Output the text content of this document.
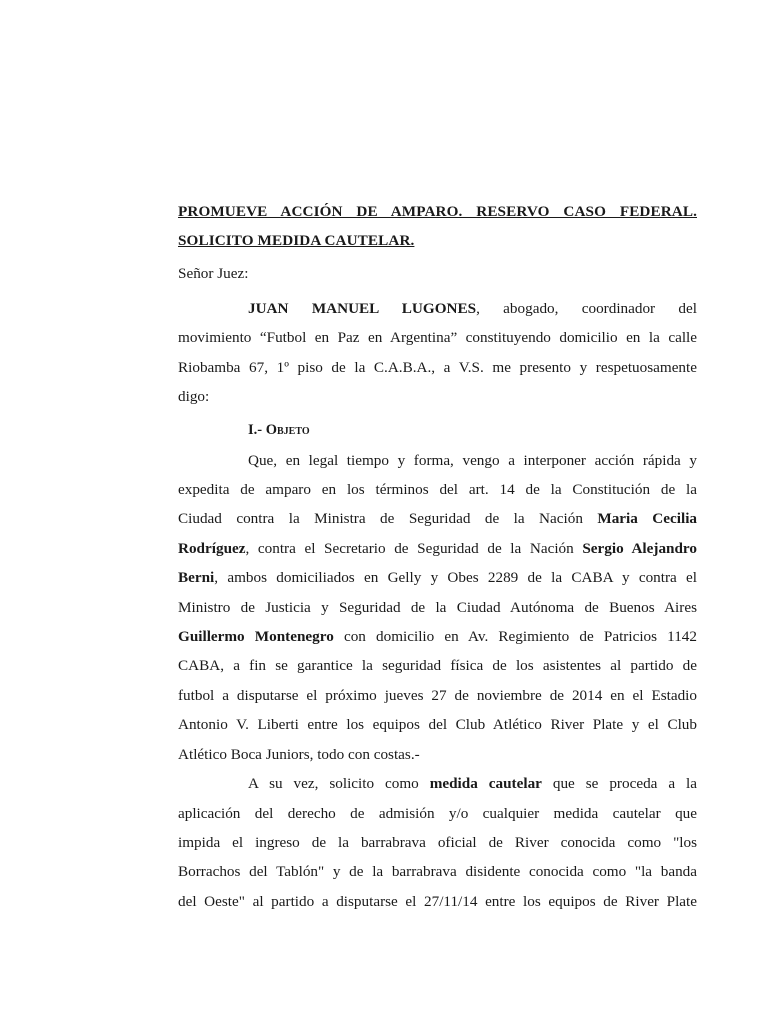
PROMUEVE ACCIÓN DE AMPARO. RESERVO CASO FEDERAL.

SOLICITO MEDIDA CAUTELAR.

Señor Juez:

JUAN MANUEL LUGONES, abogado, coordinador del
movimiento “Futbol en Paz en Argentina” constituyendo domicilio en la calle
Riobamba 67, 1º piso de la C.A.B.A., a V.S. me presento y respetuosamente
digo:

I.- Objeto

Que, en legal tiempo y forma, vengo a interponer acción rápida y
expedita de amparo en los términos del art. 14 de la Constitución de la
Ciudad contra la Ministra de Seguridad de la Nación Maria Cecilia
Rodríguez, contra el Secretario de Seguridad de la Nación Sergio Alejandro
Berni, ambos domiciliados en Gelly y Obes 2289 de la CABA y contra el
Ministro de Justicia y Seguridad de la Ciudad Autónoma de Buenos Aires
Guillermo Montenegro con domicilio en Av. Regimiento de Patricios 1142
CABA, a fin se garantice la seguridad física de los asistentes al partido de
futbol a disputarse el próximo jueves 27 de noviembre de 2014 en el Estadio
Antonio V. Liberti entre los equipos del Club Atlético River Plate y el Club
Atlético Boca Juniors, todo con costas.-
A su vez, solicito como medida cautelar que se proceda a la
aplicación del derecho de admisión y/o cualquier medida cautelar que
impida el ingreso de la barrabrava oficial de River conocida como "los
Borrachos del Tablón" y de la barrabrava disidente conocida como "la banda
del Oeste" al partido a disputarse el 27/11/14 entre los equipos de River Plate
